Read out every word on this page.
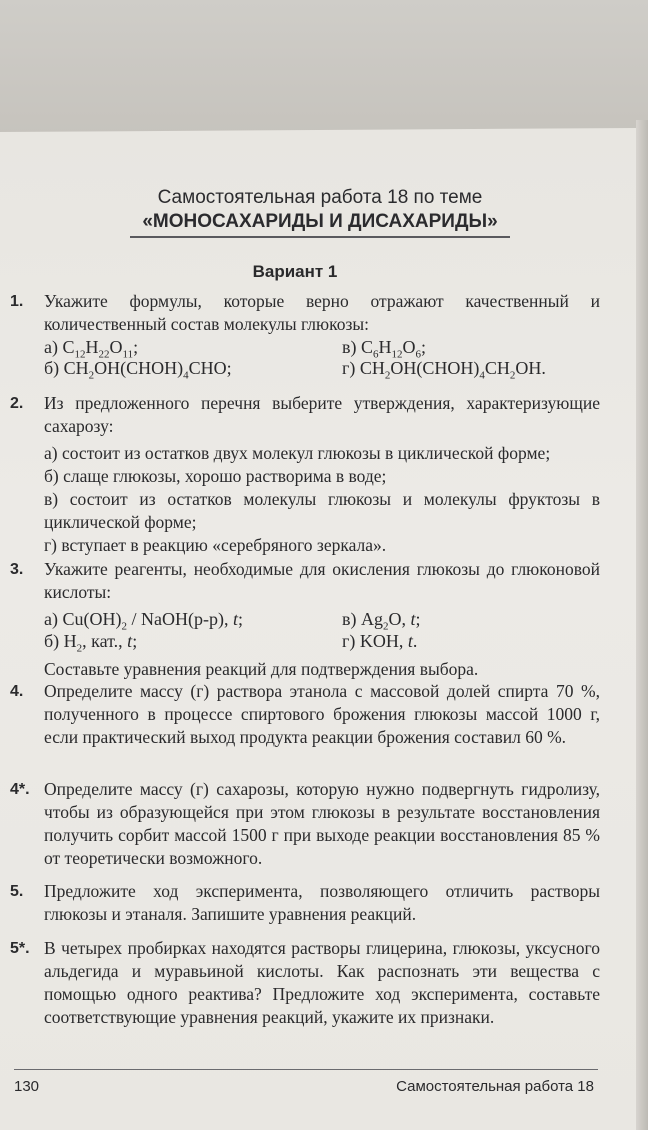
Самостоятельная работа 18 по теме
«МОНОСАХАРИДЫ И ДИСАХАРИДЫ»
Вариант 1
1. Укажите формулы, которые верно отражают качественный и количественный состав молекулы глюкозы:
а) $C_{12}H_{22}O_{11}$;	в) $C_6H_{12}O_6$;
б) $CH_2OH(CHOH)_4CHO$;	г) $CH_2OH(CHOH)_4CH_2OH$.
2. Из предложенного перечня выберите утверждения, характеризующие сахарозу:
а) состоит из остатков двух молекул глюкозы в циклической форме;
б) слаще глюкозы, хорошо растворима в воде;
в) состоит из остатков молекулы глюкозы и молекулы фруктозы в циклической форме;
г) вступает в реакцию «серебряного зеркала».
3. Укажите реагенты, необходимые для окисления глюкозы до глюконовой кислоты:
а) $Cu(OH)_2$ / NaOH(р-р), t;	в) $Ag_2O$, t;
б) $H_2$, кат., t;	г) KOH, t.
Составьте уравнения реакций для подтверждения выбора.
4. Определите массу (г) раствора этанола с массовой долей спирта 70 %, полученного в процессе спиртового брожения глюкозы массой 1000 г, если практический выход продукта реакции брожения составил 60 %.
4*. Определите массу (г) сахарозы, которую нужно подвергнуть гидролизу, чтобы из образующейся при этом глюкозы в результате восстановления получить сорбит массой 1500 г при выходе реакции восстановления 85 % от теоретически возможного.
5. Предложите ход эксперимента, позволяющего отличить растворы глюкозы и этаналя. Запишите уравнения реакций.
5*. В четырех пробирках находятся растворы глицерина, глюкозы, уксусного альдегида и муравьиной кислоты. Как распознать эти вещества с помощью одного реактива? Предложите ход эксперимента, составьте соответствующие уравнения реакций, укажите их признаки.
130	Самостоятельная работа 18
